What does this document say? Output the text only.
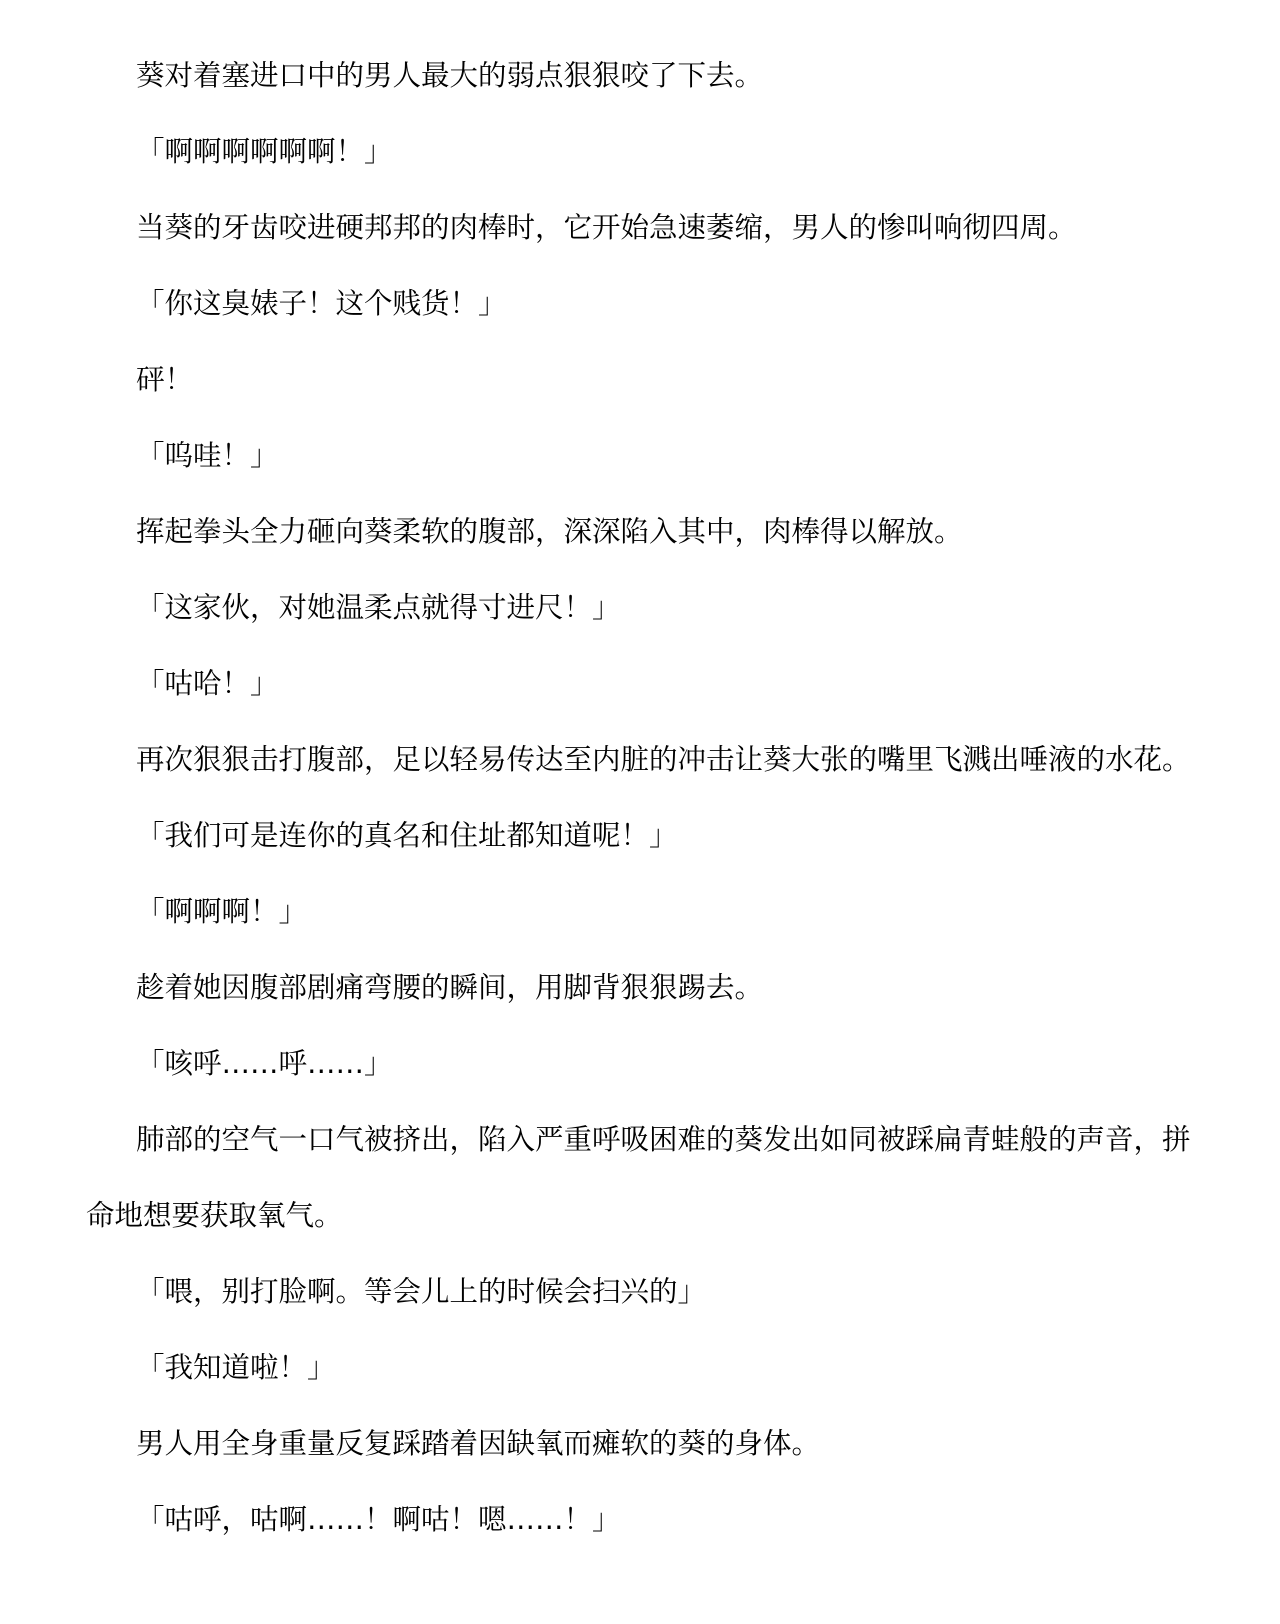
葵对着塞进口中的男人最大的弱点狠狠咬了下去。
「啊啊啊啊啊啊！」
当葵的牙齿咬进硬邦邦的肉棒时，它开始急速萎缩，男人的惨叫响彻四周。
「你这臭婊子！这个贱货！」
砰！
「呜哇！」
挥起拳头全力砸向葵柔软的腹部，深深陷入其中，肉棒得以解放。
「这家伙，对她温柔点就得寸进尺！」
「咕哈！」
再次狠狠击打腹部，足以轻易传达至内脏的冲击让葵大张的嘴里飞溅出唾液的水花。
「我们可是连你的真名和住址都知道呢！」
「啊啊啊！」
趁着她因腹部剧痛弯腰的瞬间，用脚背狠狠踢去。
「咳呼……呼……」
肺部的空气一口气被挤出，陷入严重呼吸困难的葵发出如同被踩扁青蛙般的声音，拼
命地想要获取氧气。
「喂，别打脸啊。等会儿上的时候会扫兴的」
「我知道啦！」
男人用全身重量反复踩踏着因缺氧而瘫软的葵的身体。
「咕呼，咕啊……！啊咕！嗯……！」
